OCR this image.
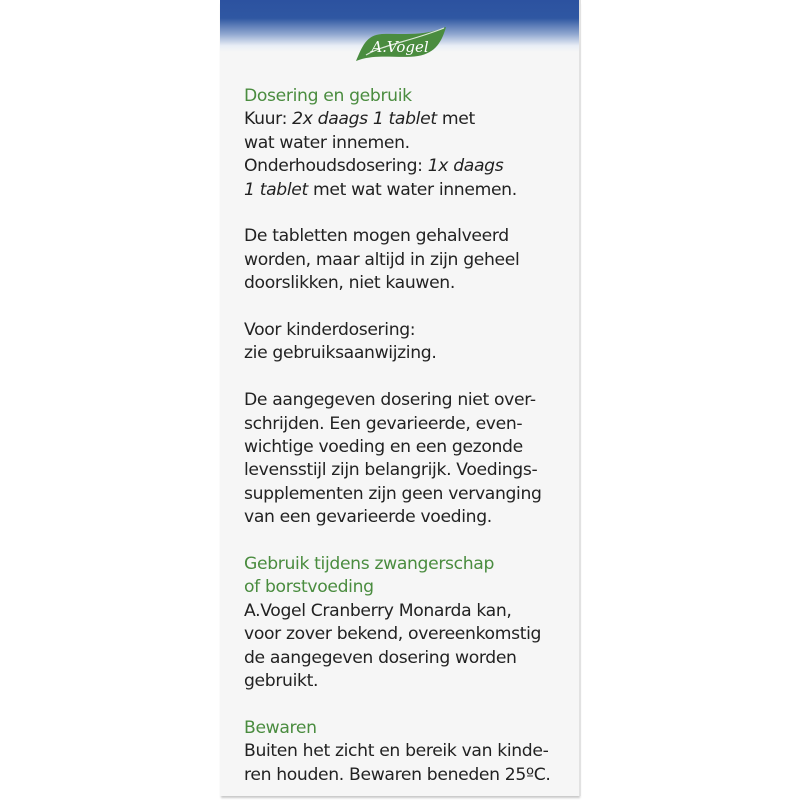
A.Vogel
Dosering en gebruik

Kuur: 2x daags 1 tablet met
wat water innemen.

Onderhoudsdosering: 1x daags
1 tablet met wat water innemen.

De tabletten mogen gehalveerd
worden, maar altijd in zijn geheel
doorslikken, niet kauwen.

Voor kinderdosering:
zie gebruiksaanwijzing.

De aangegeven dosering niet over-
schrijden. Een gevarieerde, even-
wichtige voeding en een gezonde
levensstijl zijn belangrijk. Voedings-
supplementen zijn geen vervanging
van een gevarieerde voeding.

Gebruik tijdens zwangerschap
of borstvoeding

A.Vogel Cranberry Monarda kan,
voor zover bekend, overeenkomstig
de aangegeven dosering worden
gebruikt.

Bewaren

Buiten het zicht en bereik van kinde-
ren houden. Bewaren beneden 25ºC.
